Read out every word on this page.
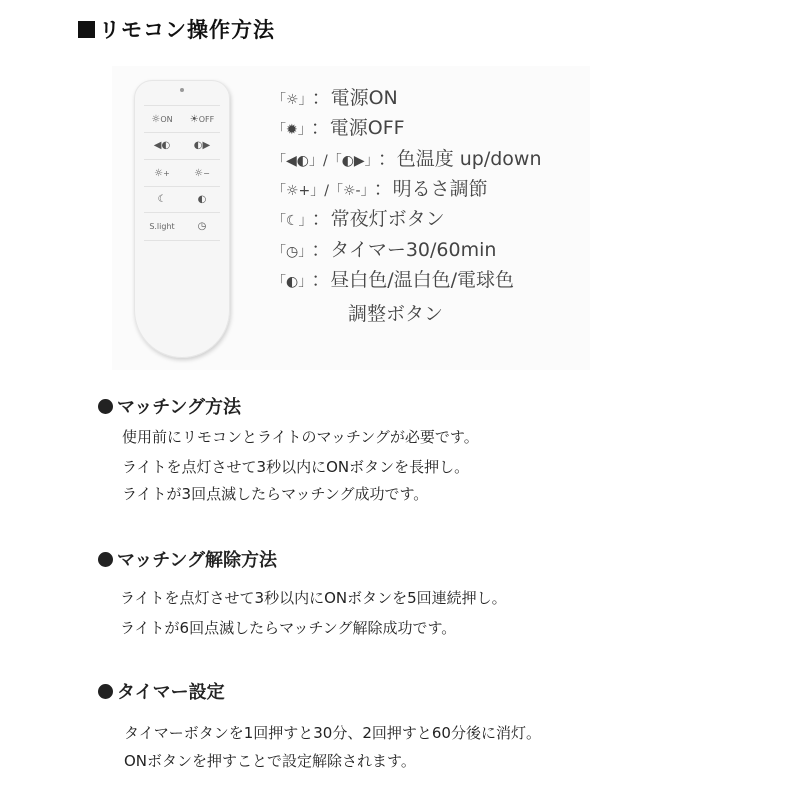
リモコン操作方法
☼ON	☀OFF
◀◐	◐▶
☼+	☼−
☾	◐
S.light	◷
「☼」 ：電源ON
「✹」 ：電源OFF
「◀◐」/「◐▶」 ：色温度 up/down
「☼+」/「☼-」 ：明るさ調節
「☾」 ：常夜灯ボタン
「◷」 ：タイマー30/60min
「◐」 ：昼白色/温白色/電球色
調整ボタン
マッチング方法
使用前にリモコンとライトのマッチングが必要です。
ライトを点灯させて3秒以内にONボタンを長押し。
ライトが3回点滅したらマッチング成功です。
マッチング解除方法
ライトを点灯させて3秒以内にONボタンを5回連続押し。
ライトが6回点滅したらマッチング解除成功です。
タイマー設定
タイマーボタンを1回押すと30分、2回押すと60分後に消灯。
ONボタンを押すことで設定解除されます。
